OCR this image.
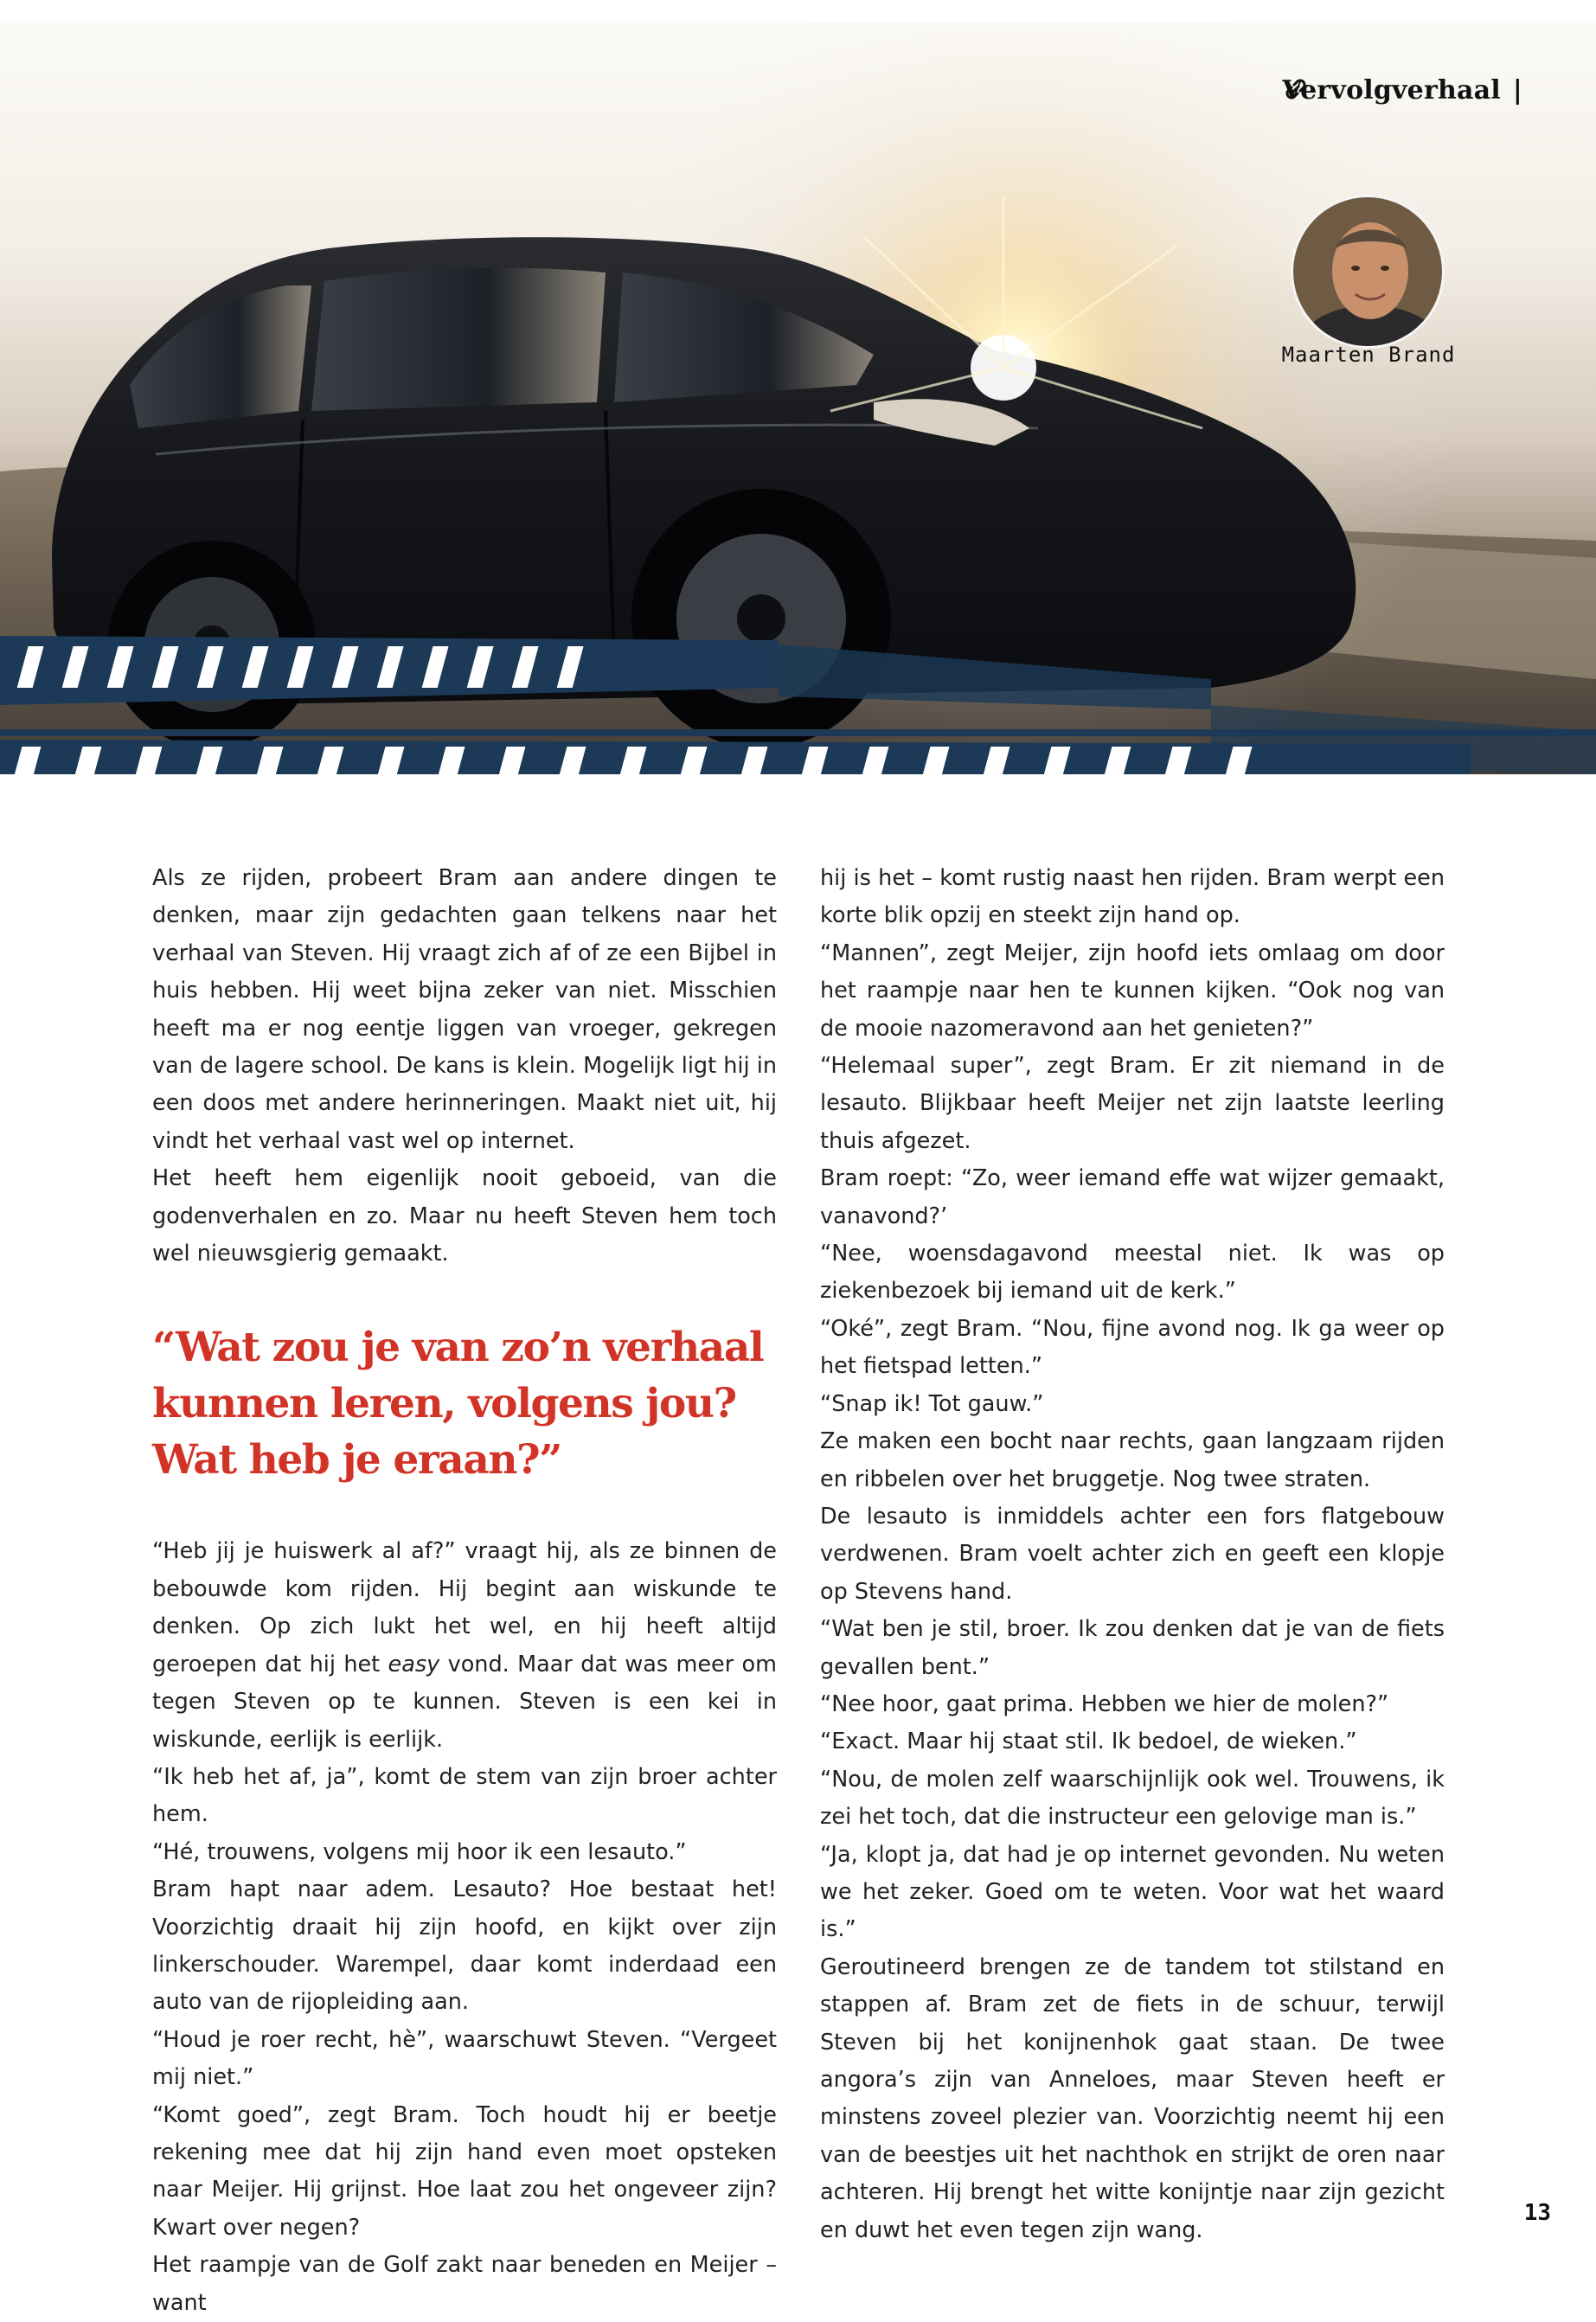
Vervolgverhaal |
Maarten Brand

Als ze rijden, probeert Bram aan andere dingen te denken, maar zijn gedachten gaan telkens naar het verhaal van Steven. Hij vraagt zich af of ze een Bijbel in huis hebben. Hij weet bijna zeker van niet. Misschien heeft ma er nog eentje liggen van vroeger, gekregen van de lagere school. De kans is klein. Mogelijk ligt hij in een doos met andere herinneringen. Maakt niet uit, hij vindt het verhaal vast wel op internet.

Het heeft hem eigenlijk nooit geboeid, van die godenverhalen en zo. Maar nu heeft Steven hem toch wel nieuwsgierig gemaakt.

“Wat zou je van zo’n verhaal
kunnen leren, volgens jou?
Wat heb je eraan?”

“Heb jij je huiswerk al af?” vraagt hij, als ze binnen de bebouwde kom rijden. Hij begint aan wiskunde te denken. Op zich lukt het wel, en hij heeft altijd geroepen dat hij het easy vond. Maar dat was meer om tegen Steven op te kunnen. Steven is een kei in wiskunde, eerlijk is eerlijk.

“Ik heb het af, ja”, komt de stem van zijn broer achter hem.

“Hé, trouwens, volgens mij hoor ik een lesauto.”

Bram hapt naar adem. Lesauto? Hoe bestaat het! Voorzichtig draait hij zijn hoofd, en kijkt over zijn linkerschouder. Warempel, daar komt inderdaad een auto van de rijopleiding aan.

“Houd je roer recht, hè”, waarschuwt Steven. “Vergeet mij niet.”

“Komt goed”, zegt Bram. Toch houdt hij er beetje rekening mee dat hij zijn hand even moet opsteken naar Meijer. Hij grijnst. Hoe laat zou het ongeveer zijn? Kwart over negen?

Het raampje van de Golf zakt naar beneden en Meijer – want

hij is het – komt rustig naast hen rijden. Bram werpt een korte blik opzij en steekt zijn hand op.

“Mannen”, zegt Meijer, zijn hoofd iets omlaag om door het raampje naar hen te kunnen kijken. “Ook nog van de mooie nazomeravond aan het genieten?”

“Helemaal super”, zegt Bram. Er zit niemand in de lesauto. Blijkbaar heeft Meijer net zijn laatste leerling thuis afgezet.

Bram roept: “Zo, weer iemand effe wat wijzer gemaakt, vanavond?’

“Nee, woensdagavond meestal niet. Ik was op ziekenbezoek bij iemand uit de kerk.”

“Oké”, zegt Bram. “Nou, fijne avond nog. Ik ga weer op het fietspad letten.”

“Snap ik! Tot gauw.”

Ze maken een bocht naar rechts, gaan langzaam rijden en ribbelen over het bruggetje. Nog twee straten.

De lesauto is inmiddels achter een fors flatgebouw verdwenen. Bram voelt achter zich en geeft een klopje op Stevens hand.

“Wat ben je stil, broer. Ik zou denken dat je van de fiets gevallen bent.”

“Nee hoor, gaat prima. Hebben we hier de molen?”

“Exact. Maar hij staat stil. Ik bedoel, de wieken.”

“Nou, de molen zelf waarschijnlijk ook wel. Trouwens, ik zei het toch, dat die instructeur een gelovige man is.”

“Ja, klopt ja, dat had je op internet gevonden. Nu weten we het zeker. Goed om te weten. Voor wat het waard is.”

Geroutineerd brengen ze de tandem tot stilstand en stappen af. Bram zet de fiets in de schuur, terwijl Steven bij het konijnenhok gaat staan. De twee angora’s zijn van Anneloes, maar Steven heeft er minstens zoveel plezier van. Voorzichtig neemt hij een van de beestjes uit het nachthok en strijkt de oren naar achteren. Hij brengt het witte konijntje naar zijn gezicht en duwt het even tegen zijn wang.

13
